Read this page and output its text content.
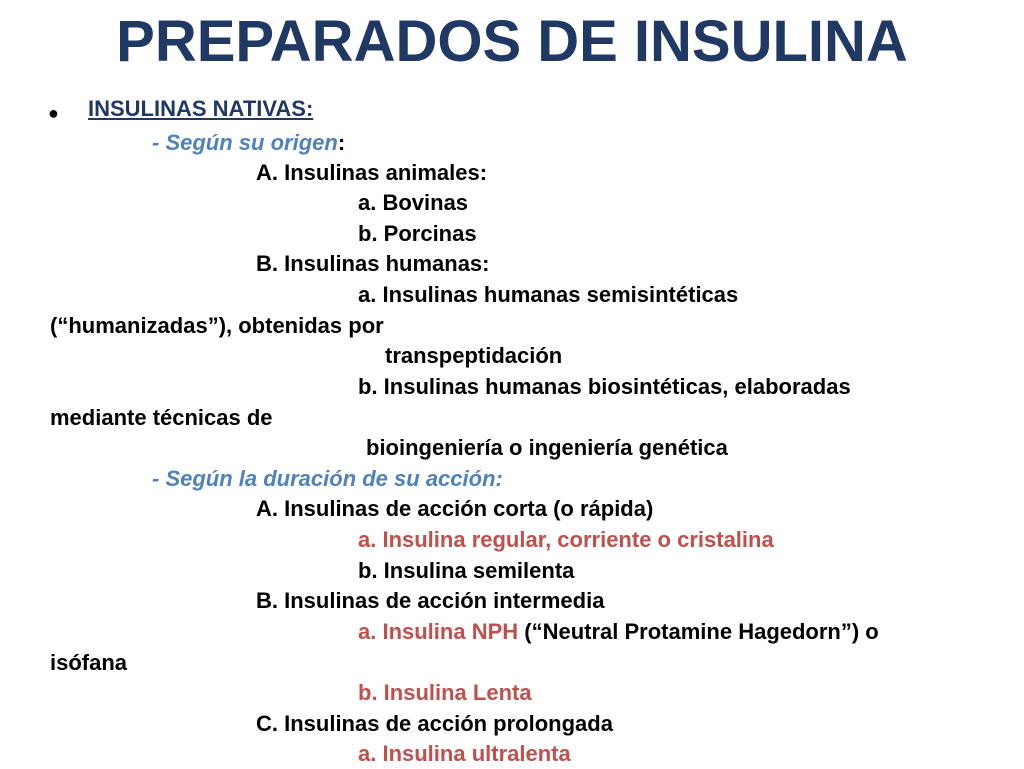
PREPARADOS DE INSULINA
● INSULINAS NATIVAS:
- Según su origen:
A. Insulinas animales:
a. Bovinas
b. Porcinas
B. Insulinas humanas:
a. Insulinas humanas semisintéticas
(“humanizadas”), obtenidas por
transpeptidación
b. Insulinas humanas biosintéticas, elaboradas
mediante técnicas de
bioingeniería o ingeniería genética
- Según la duración de su acción:
A. Insulinas de acción corta (o rápida)
a. Insulina regular, corriente o cristalina
b. Insulina semilenta
B. Insulinas de acción intermedia
a. Insulina NPH (“Neutral Protamine Hagedorn”) o
isófana
b. Insulina Lenta
C. Insulinas de acción prolongada
a. Insulina ultralenta
